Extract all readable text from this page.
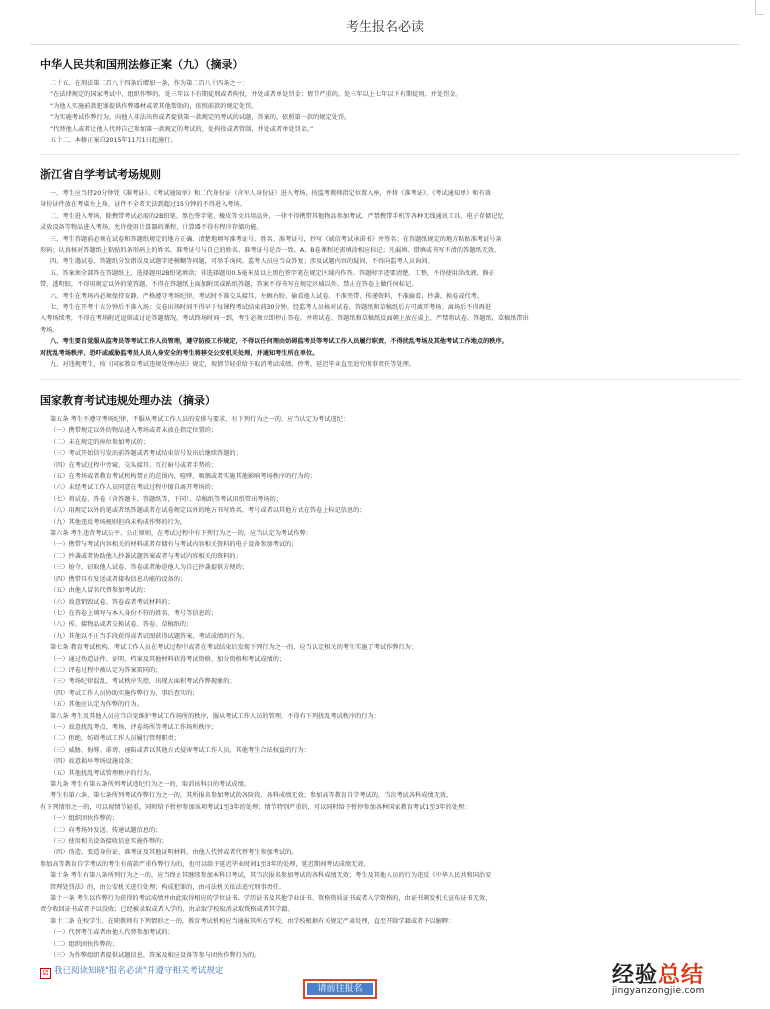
考生报名必读
中华人民共和国刑法修正案（九）（摘录）
二十五、在刑法第二百八十四条后增加一条，作为第二百八十四条之一：
“在法律规定的国家考试中，组织作弊的，处三年以下有期徒刑或者拘役，并处或者单处罚金；情节严重的，处三年以上七年以下有期徒刑，并处罚金。
“为他人实施前款犯罪提供作弊器材或者其他帮助的，依照前款的规定处罚。
“为实施考试作弊行为，向他人非法出售或者提供第一款规定的考试的试题、答案的，依照第一款的规定处罚。
“代替他人或者让他人代替自己参加第一款规定的考试的，处拘役或者管制，并处或者单处罚金。”
五十二、本修正案自2015年11月1日起施行。
浙江省自学考试考场规则
一、考生应当持20分钟凭《准考证》、《考试通知单》和二代身份证（含军人身份证）进入考场，按监考教师指定位置入座，并将《准考证》、《考试通知单》和有效
身份证件放在考桌左上角，证件不全者无法到超过15分钟的不得进入考场。
二、考生进入考场，除携带考试必需的2B铅笔、黑色签字笔、橡皮等文具用品外，一律不得携带其他物品参加考试。严禁携带手机等各种无线通讯工具、电子存储记忆
录放设备等物品进入考场。允许使用计算器的课程，计算器不得有程序存储功能。
三、考生答题前必须在试卷和答题纸规定的地方正确、清楚地填写准考证号、姓名、准考证号，抄写《诚信考试承诺书》并签名；在答题纸规定的地方粘贴准考证号条
形码；认真核对答题纸上粘贴的条形码上的姓名、准考证号与自己的姓名、准考证号是否一致。A、B卷课程还需填涂相应标记；凡漏填、错填或书写不清的答题纸无效。
四、考生遇试卷、答题纸分发错误及试题字迹模糊等问题，可举手询问，监考人员应当众答复；涉及试题内容的疑问，不得向监考人员询问。
五、答案须全部答在答题纸上，选择题用2B铅笔填涂；非选择题用0.5毫米及以上黑色签字笔在规定区域内作答。答题时字迹要清楚、工整，不得使用涂改液、修正
带、透明胶，不得用规定以外的笔答题，不得在答题纸上面加附页或贴纸答题，答案不得书写在规定区域以外，禁止在答卷上做任何标记。
六、考生在考场内必须保持安静，严格遵守考场纪律。考试时不准交头接耳、左顾右盼、偷看他人试卷、不准夹带、传递资料，不准偷看，抄袭、换卷或代考。
七、考生在开考十五分钟后不准入场；交卷出场时间不得早于每课程考试结束前30分钟。经监考人员核对试卷、答题纸和草稿纸后方可离开考场；离场后不得再进
入考场续考，不得在考场附近逗留或讨论答题情况。考试终场时间一到，考生必须立即停止答卷，并将试卷、答题纸和草稿纸反面朝上放在桌上，严禁将试卷、答题纸、草稿纸带出
考场。
八、考生要自觉服从监考员等考试工作人员管理，遵守防疫工作规定，不得以任何理由妨碍监考员等考试工作人员履行职责，不得扰乱考场及其他考试工作地点的秩序。
对扰乱考场秩序、恐吓或威胁监考员人员人身安全的考生将移交公安机关处理，并通知考生所在单位。
九、对违规考生，按《国家教育考试违规处理办法》规定，视情节轻重给予取消考试成绩、停考、延迟毕业直至追究刑事责任等处理。
国家教育考试违规处理办法（摘录）
第五条 考生不遵守考场纪律，不服从考试工作人员的安排与要求，有下列行为之一的，应当认定为考试违纪：
（一）携带规定以外的物品进入考场或者未放在指定位置的；
（二）未在规定的座位参加考试的；
（三）考试开始信号发出前答题或者考试结束信号发出后继续答题的；
（四）在考试过程中旁窥、交头接耳、互打暗号或者手势的；
（五）在考场或者教育考试机构禁止的范围内，喧哗、吸烟或者实施其他影响考场秩序的行为的；
（六）未经考试工作人员同意在考试过程中擅自离开考场的；
（七）将试卷、答卷（含答题卡、答题纸等，下同）、草稿纸等考试用纸带出考场的；
（八）用规定以外的笔或者纸答题或者在试卷规定以外的地方书写姓名、考号或者以其他方式在答卷上标记信息的；
（九）其他违反考场规则但尚未构成作弊的行为。
第六条 考生违背考试公平、公正原则，在考试过程中有下列行为之一的，应当认定为考试作弊：
（一）携带与考试内容相关的材料或者存储有与考试内容相关资料的电子设备参加考试的；
（二）抄袭或者协助他人抄袭试题答案或者与考试内容相关的资料的；
（三）抢夺、窃取他人试卷、答卷或者胁迫他人为自己抄袭提供方便的；
（四）携带具有发送或者接收信息功能的设备的；
（五）由他人冒名代替参加考试的；
（六）故意销毁试卷、答卷或者考试材料的；
（七）在答卷上填写与本人身份不符的姓名、考号等信息的；
（八）传、接物品或者交换试卷、答卷、草稿纸的；
（九）其他以不正当手段获得或者试图获得试题答案、考试成绩的行为。
第七条 教育考试机构、考试工作人员在考试过程中或者在考试结束后发现下列行为之一的，应当认定相关的考生实施了考试作弊行为：
（一）通过伪造证件、证明、档案及其他材料获得考试资格、加分资格和考试成绩的；
（二）评卷过程中被认定为答案雷同的；
（三）考场纪律混乱、考试秩序失控，出现大面积考试作弊现象的；
（四）考试工作人员协助实施作弊行为，事后查实的；
（五）其他应认定为作弊的行为。
第八条 考生及其他人员应当自觉维护考试工作场所的秩序，服从考试工作人员的管理，不得有下列扰乱考试秩序的行为：
（一）故意扰乱考点、考场、评卷场所等考试工作场所秩序；
（二）拒绝、妨碍考试工作人员履行管理职责；
（三）威胁、侮辱、诽谤、诬陷或者以其他方式侵害考试工作人员、其他考生合法权益的行为；
（四）故意损坏考场设施设备；
（五）其他扰乱考试管理秩序的行为。
第九条 考生有第五条所列考试违纪行为之一的，取消该科目的考试成绩。
考生有第六条、第七条所列考试作弊行为之一的，其所报名参加考试的各阶段、各科成绩无效；参加高等教育自学考试的，当次考试各科成绩无效。
有下列情形之一的，可以视情节轻重，同时给予暂停参加该项考试1至3年的处理；情节特别严重的，可以同时给予暂停参加各种国家教育考试1至3年的处理：
（一）组织团伙作弊的；
（二）向考场外发送、传递试题信息的；
（三）使用相关设备接收信息实施作弊的；
（四）伪造、变造身份证、准考证及其他证明材料，由他人代替或者代替考生参加考试的。
参加高等教育自学考试的考生有前款严重作弊行为的，也可以给予延迟毕业时间1至3年的处理，延迟期间考试成绩无效。
第十条 考生有第八条所列行为之一的，应当终止其继续参加本科目考试，其当次报名参加考试的各科成绩无效；考生及其他人员的行为违反《中华人民共和国治安
管理处罚法》的，由公安机关进行处理；构成犯罪的，由司法机关依法追究刑事责任。
第十一条 考生以作弊行为获得的考试成绩并由此取得相应的学位证书、学历证书及其他学业证书、资格资质证书或者入学资格的，由证书颁发机关宣布证书无效，
责令收回证书或者予以没收；已经被录取或者入学的，由录取学校取消录取资格或者其学籍。
第十二条 在校学生、在职教师有下列情形之一的，教育考试机构应当通报其所在学校，由学校根据有关规定严肃处理，直至开除学籍或者予以解聘：
（一）代替考生或者由他人代替参加考试的；
（二）组织团伙作弊的；
（三）为作弊组织者提供试题信息、答案及相应设备等参与团伙作弊行为的。
☑ 我已阅读知晓"报名必读"并遵守相关考试规定
请前往报名
经验总结
jingyanzongjie.com
